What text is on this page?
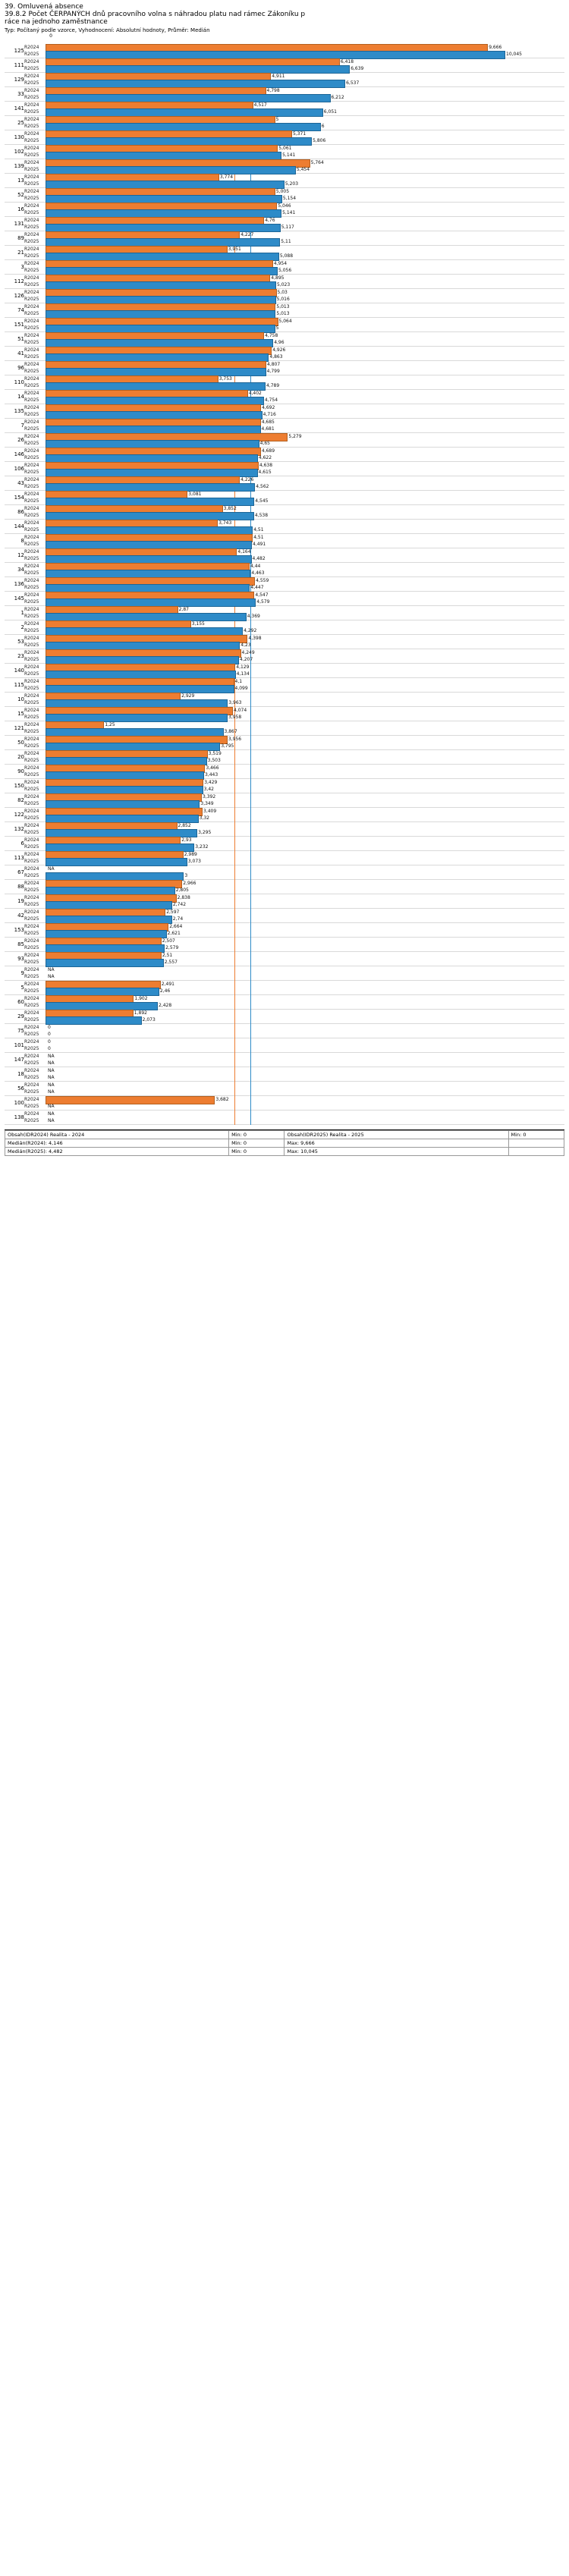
39. Omluvená absence
39.8.2 Počet ČERPANÝCH dnů pracovního volna s náhradou platu nad rámec Zákoníku p
ráce na jednoho zaměstnance
Typ: Počítaný podle vzorce, Vyhodnocení: Absolutní hodnoty, Průměr: Medián
0
125	R2024	9,666

	R2025	10,045

111	R2024	6,418

	R2025	6,639

129	R2024	4,911

	R2025	6,537

33	R2024	4,798

	R2025	6,212

141	R2024	4,517

	R2025	6,051

25	R2024	5

	R2025	6

130	R2024	5,371

	R2025	5,806

102	R2024	5,061

	R2025	5,141

139	R2024	5,764

	R2025	5,454

13	R2024	3,774

	R2025	5,203

52	R2024	5,005

	R2025	5,154

16	R2024	5,046

	R2025	5,141

131	R2024	4,76

	R2025	5,117

89	R2024	4,227

	R2025	5,11

21	R2024	3,951

	R2025	5,088

3	R2024	4,954

	R2025	5,056

112	R2024	4,895

	R2025	5,023

126	R2024	5,03

	R2025	5,016

74	R2024	5,013

	R2025	5,013

151	R2024	5,064

	R2025	5

51	R2024	4,758

	R2025	4,96

41	R2024	4,926

	R2025	4,863

96	R2024	4,807

	R2025	4,799

110	R2024	3,753

	R2025	4,789

14	R2024	4,402

	R2025	4,754

135	R2024	4,692

	R2025	4,716

7	R2024	4,685

	R2025	4,681

26	R2024	5,279

	R2025	4,65

146	R2024	4,689

	R2025	4,622

106	R2024	4,638

	R2025	4,615

43	R2024	4,226

	R2025	4,562

154	R2024	3,081

	R2025	4,545

86	R2024	3,852

	R2025	4,538

144	R2024	3,743

	R2025	4,51

8	R2024	4,51

	R2025	4,491

12	R2024	4,164

	R2025	4,482

34	R2024	4,44

	R2025	4,463

136	R2024	4,559

	R2025	4,447

145	R2024	4,547

	R2025	4,579

1	R2024	2,87

	R2025	4,369

2	R2024	3,155

	R2025	4,292

53	R2024	4,398

	R2025	4,23

23	R2024	4,249

	R2025	4,207

140	R2024	4,129

	R2025	4,134

115	R2024	4,1

	R2025	4,099

10	R2024	2,929

	R2025	3,963

15	R2024	4,074

	R2025	3,958

121	R2024	1,25

	R2025	3,867

50	R2024	3,956

	R2025	3,795

20	R2024	3,519

	R2025	3,503

90	R2024	3,466

	R2025	3,443

150	R2024	3,429

	R2025	3,42

82	R2024	3,392

	R2025	3,349

122	R2024	3,409

	R2025	3,32

132	R2024	2,852

	R2025	3,295

6	R2024	2,93

	R2025	3,232

113	R2024	2,989

	R2025	3,073

67	R2024	NA

	R2025	3

88	R2024	2,966

	R2025	2,805

19	R2024	2,838

	R2025	2,742

42	R2024	2,597

	R2025	2,74

153	R2024	2,664

	R2025	2,621

85	R2024	2,507

	R2025	2,579

93	R2024	2,51

	R2025	2,557

9	R2024	NA

	R2025	NA

5	R2024	2,491

	R2025	2,46

60	R2024	1,902

	R2025	2,428

29	R2024	1,892

	R2025	2,073

75	R2024	0

	R2025	0

101	R2024	0

	R2025	0

147	R2024	NA

	R2025	NA

18	R2024	NA

	R2025	NA

56	R2024	NA

	R2025	NA

100	R2024	3,682

	R2025	NA

138	R2024	NA

	R2025	NA
Obsah(IDR2024) Realita - 2024	Min: 0	Obsah(IDR2025) Realita - 2025	Min: 0
Medián(R2024): 4,146	Min: 0	Max: 9,666	
Medián(R2025): 4,482	Min: 0	Max: 10,045	
